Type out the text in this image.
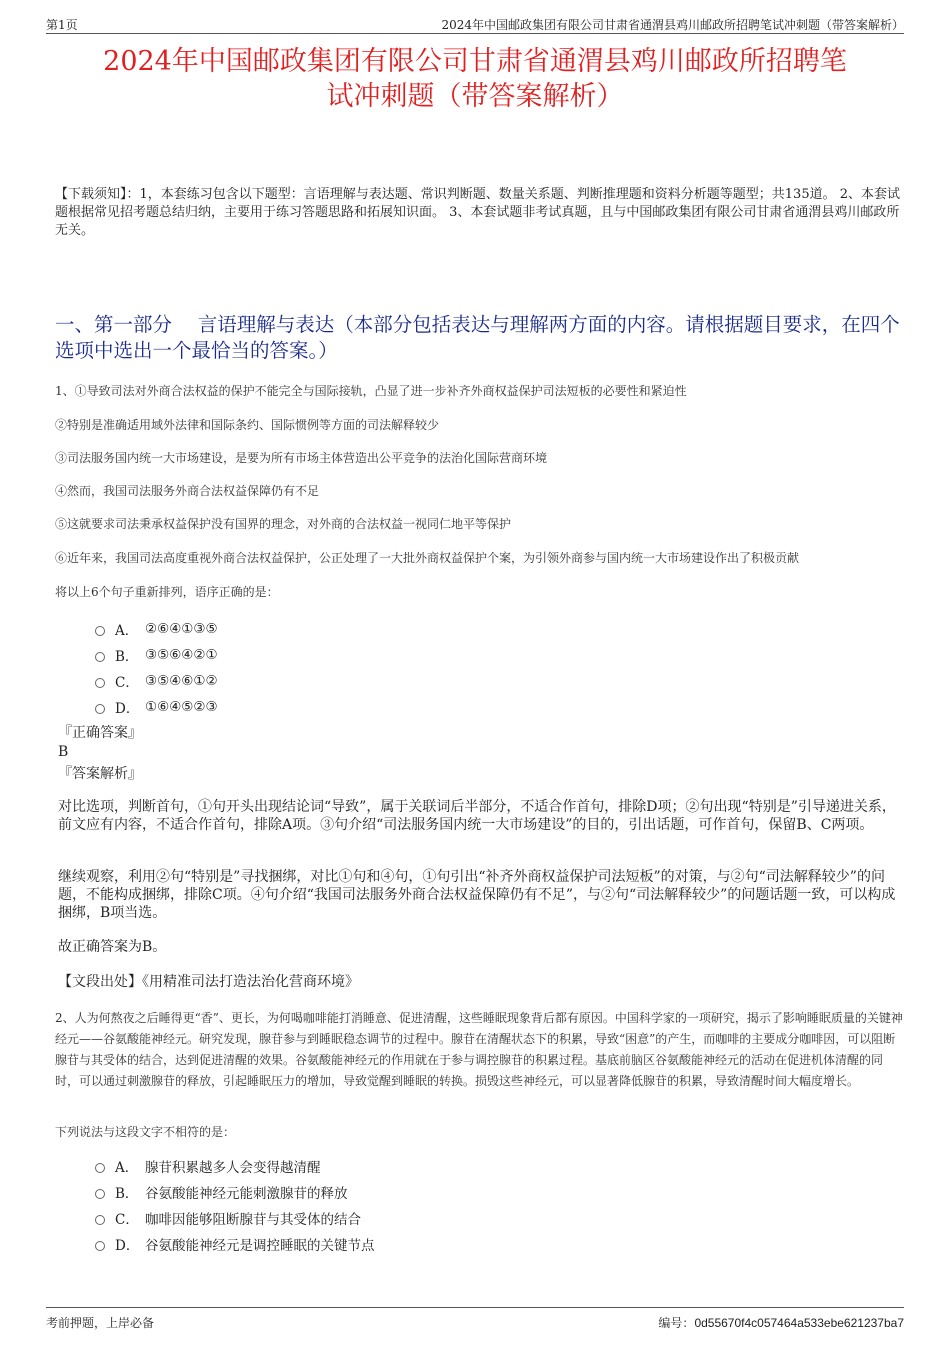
第1页	2024年中国邮政集团有限公司甘肃省通渭县鸡川邮政所招聘笔试冲刺题（带答案解析）
2024年中国邮政集团有限公司甘肃省通渭县鸡川邮政所招聘笔
试冲刺题（带答案解析）
【下载须知】：1，本套练习包含以下题型：言语理解与表达题、常识判断题、数量关系题、判断推理题和资料分析题等题型；共135道。 2、本套试题根据常见招考题总结归纳，主要用于练习答题思路和拓展知识面。 3、本套试题非考试真题，且与中国邮政集团有限公司甘肃省通渭县鸡川邮政所无关。
一、第一部分　 言语理解与表达（本部分包括表达与理解两方面的内容。请根据题目要求，在四个选项中选出一个最恰当的答案。）
1、①导致司法对外商合法权益的保护不能完全与国际接轨，凸显了进一步补齐外商权益保护司法短板的必要性和紧迫性
②特别是准确适用域外法律和国际条约、国际惯例等方面的司法解释较少
③司法服务国内统一大市场建设，是要为所有市场主体营造出公平竞争的法治化国际营商环境
④然而，我国司法服务外商合法权益保障仍有不足
⑤这就要求司法秉承权益保护没有国界的理念，对外商的合法权益一视同仁地平等保护
⑥近年来，我国司法高度重视外商合法权益保护，公正处理了一大批外商权益保护个案，为引领外商参与国内统一大市场建设作出了积极贡献
将以上6个句子重新排列，语序正确的是：
A． ②⑥④①③⑤
B． ③⑤⑥④②①
C． ③⑤④⑥①②
D． ①⑥④⑤②③
『正确答案』
B
『答案解析』
对比选项，判断首句，①句开头出现结论词“导致”，属于关联词后半部分，不适合作首句，排除D项；②句出现“特别是”引导递进关系，前文应有内容，不适合作首句，排除A项。③句介绍“司法服务国内统一大市场建设”的目的，引出话题，可作首句，保留B、C两项。
继续观察，利用②句“特别是”寻找捆绑，对比①句和④句，①句引出“补齐外商权益保护司法短板”的对策，与②句“司法解释较少”的问题，不能构成捆绑，排除C项。④句介绍“我国司法服务外商合法权益保障仍有不足”，与②句“司法解释较少”的问题话题一致，可以构成捆绑，B项当选。
故正确答案为B。
【文段出处】《用精准司法打造法治化营商环境》
2、人为何熬夜之后睡得更“香”、更长，为何喝咖啡能打消睡意、促进清醒，这些睡眠现象背后都有原因。中国科学家的一项研究，揭示了影响睡眠质量的关键神经元——谷氨酸能神经元。研究发现，腺苷参与到睡眠稳态调节的过程中。腺苷在清醒状态下的积累，导致“困意”的产生，而咖啡的主要成分咖啡因，可以阻断腺苷与其受体的结合，达到促进清醒的效果。谷氨酸能神经元的作用就在于参与调控腺苷的积累过程。基底前脑区谷氨酸能神经元的活动在促进机体清醒的同时，可以通过刺激腺苷的释放，引起睡眠压力的增加，导致觉醒到睡眠的转换。损毁这些神经元，可以显著降低腺苷的积累，导致清醒时间大幅度增长。
下列说法与这段文字不相符的是：
A． 腺苷积累越多人会变得越清醒
B． 谷氨酸能神经元能刺激腺苷的释放
C． 咖啡因能够阻断腺苷与其受体的结合
D． 谷氨酸能神经元是调控睡眠的关键节点
考前押题，上岸必备	编号：0d55670f4c057464a533ebe621237ba7
